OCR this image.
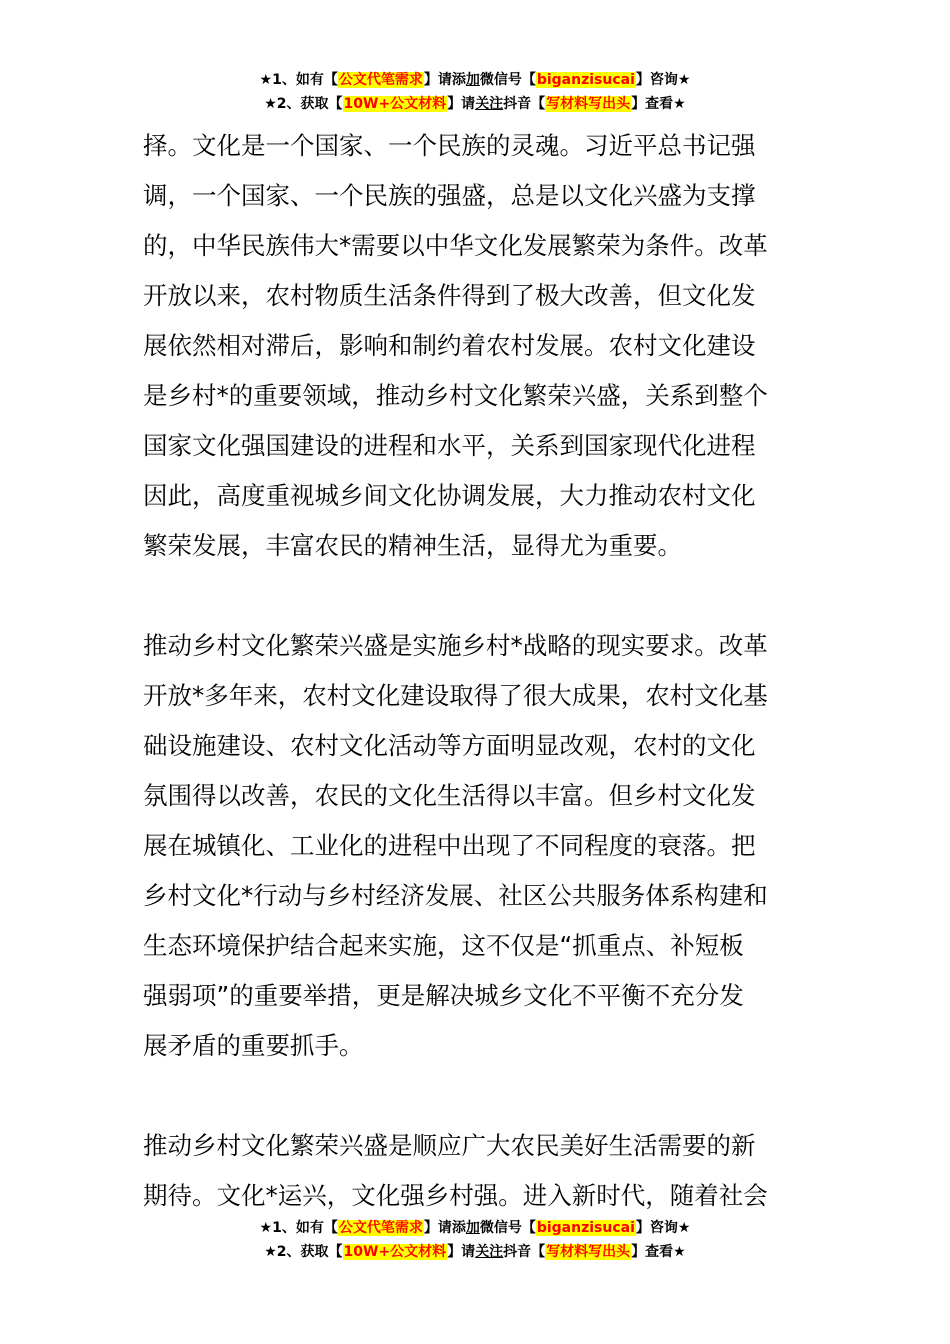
★1、如有【公文代笔需求】请添加微信号【biganzisucai】咨询★
★2、获取【10W+公文材料】请关注抖音【写材料写出头】查看★

择。文化是一个国家、一个民族的灵魂。习近平总书记强
调，一个国家、一个民族的强盛，总是以文化兴盛为支撑
的，中华民族伟大*需要以中华文化发展繁荣为条件。改革
开放以来，农村物质生活条件得到了极大改善，但文化发
展依然相对滞后，影响和制约着农村发展。农村文化建设
是乡村*的重要领域，推动乡村文化繁荣兴盛，关系到整个
国家文化强国建设的进程和水平，关系到国家现代化进程
因此，高度重视城乡间文化协调发展，大力推动农村文化
繁荣发展，丰富农民的精神生活，显得尤为重要。

推动乡村文化繁荣兴盛是实施乡村*战略的现实要求。改革
开放*多年来，农村文化建设取得了很大成果，农村文化基
础设施建设、农村文化活动等方面明显改观，农村的文化
氛围得以改善，农民的文化生活得以丰富。但乡村文化发
展在城镇化、工业化的进程中出现了不同程度的衰落。把
乡村文化*行动与乡村经济发展、社区公共服务体系构建和
生态环境保护结合起来实施，这不仅是“抓重点、补短板
强弱项”的重要举措，更是解决城乡文化不平衡不充分发
展矛盾的重要抓手。

推动乡村文化繁荣兴盛是顺应广大农民美好生活需要的新
期待。文化*运兴，文化强乡村强。进入新时代，随着社会

★1、如有【公文代笔需求】请添加微信号【biganzisucai】咨询★
★2、获取【10W+公文材料】请关注抖音【写材料写出头】查看★
